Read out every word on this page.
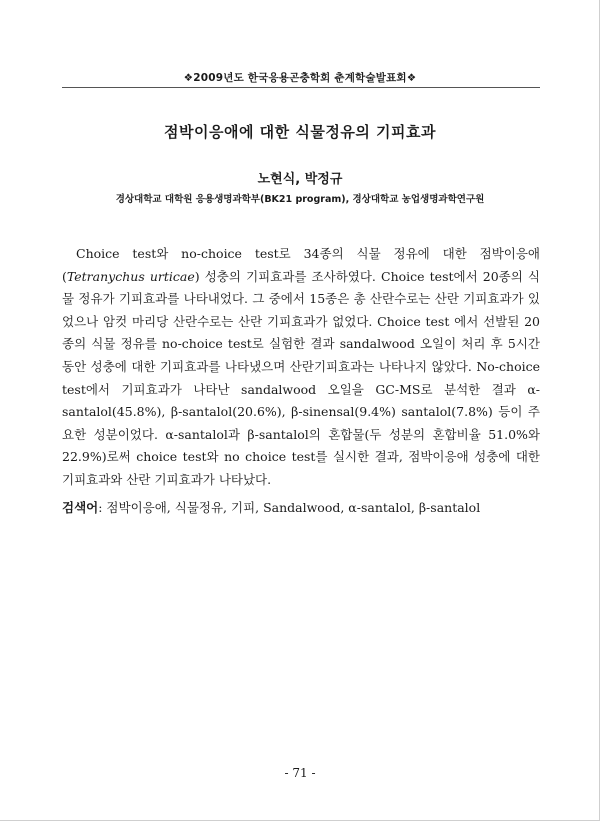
❖2009년도 한국응용곤충학회 춘계학술발표회❖
점박이응애에 대한 식물정유의 기피효과
노현식, 박정규
경상대학교 대학원 응용생명과학부(BK21 program), 경상대학교 농업생명과학연구원

Choice test와 no-choice test로 34종의 식물 정유에 대한 점박이응애(Tetranychus urticae) 성충의 기피효과를 조사하였다. Choice test에서 20종의 식물 정유가 기피효과를 나타내었다. 그 중에서 15종은 총 산란수로는 산란 기피효과가 있었으나 암컷 마리당 산란수로는 산란 기피효과가 없었다. Choice test 에서 선발된 20종의 식물 정유를 no-choice test로 실험한 결과 sandalwood 오일이 처리 후 5시간 동안 성충에 대한 기피효과를 나타냈으며 산란기피효과는 나타나지 않았다. No-choice test에서 기피효과가 나타난 sandalwood 오일을 GC-MS로 분석한 결과 α-santalol(45.8%), β-santalol(20.6%), β-sinensal(9.4%) santalol(7.8%) 등이 주요한 성분이었다. α-santalol과 β-santalol의 혼합물(두 성분의 혼합비율 51.0%와 22.9%)로써 choice test와 no choice test를 실시한 결과, 점박이응애 성충에 대한 기피효과와 산란 기피효과가 나타났다.

검색어: 점박이응애, 식물정유, 기피, Sandalwood, α-santalol, β-santalol

- 71 -
